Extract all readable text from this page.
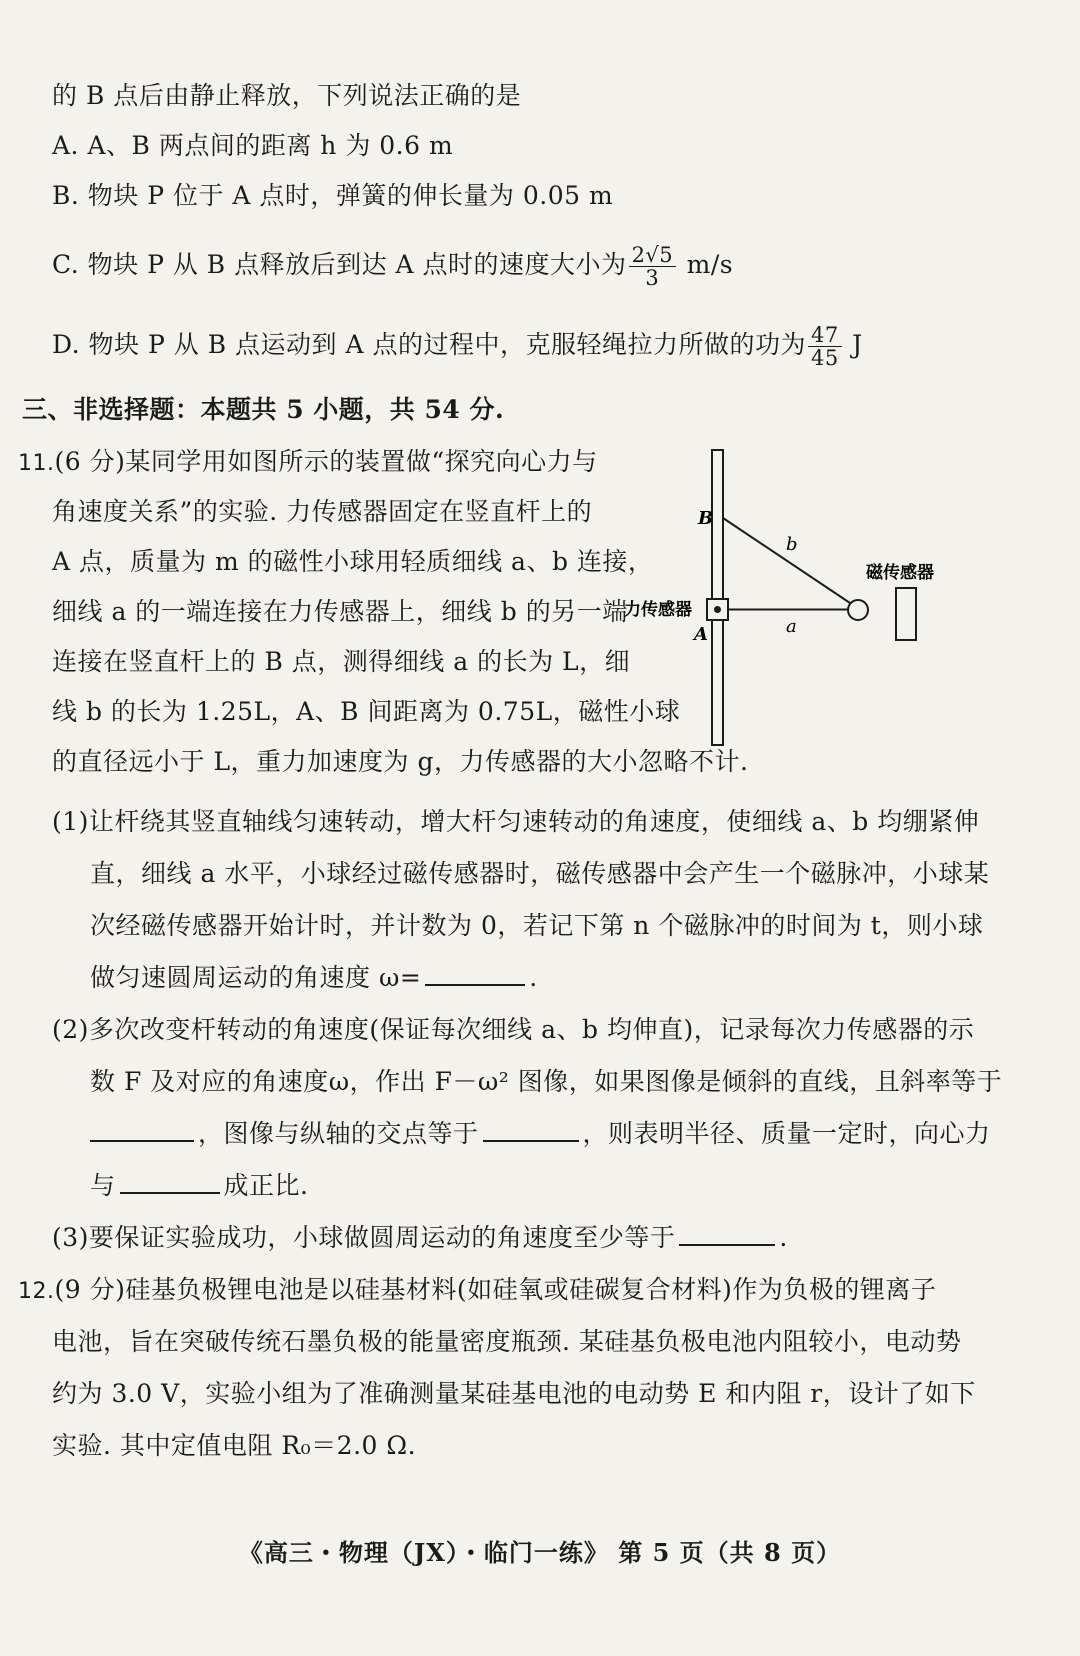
的 B 点后由静止释放，下列说法正确的是
A. A、B 两点间的距离 h 为 0.6 m
B. 物块 P 位于 A 点时，弹簧的伸长量为 0.05 m
C. 物块 P 从 B 点释放后到达 A 点时的速度大小为 $\frac{2√5}{3} m/s$
D. 物块 P 从 B 点运动到 A 点的过程中，克服轻绳拉力所做的功为 $\frac{47}{45}$ J
三、非选择题：本题共 5 小题，共 54 分.
11.(6 分)某同学用如图所示的装置做“探究向心力与
角速度关系”的实验. 力传感器固定在竖直杆上的
A 点，质量为 m 的磁性小球用轻质细线 a、b 连接，
细线 a 的一端连接在力传感器上，细线 b 的另一端
连接在竖直杆上的 B 点，测得细线 a 的长为 L，细
线 b 的长为 1.25L，A、B 间距离为 0.75L，磁性小球
的直径远小于 L，重力加速度为 g，力传感器的大小忽略不计.
B
A
b
a
力传感器
磁传感器
(1)让杆绕其竖直轴线匀速转动，增大杆匀速转动的角速度，使细线 a、b 均绷紧伸
直，细线 a 水平，小球经过磁传感器时，磁传感器中会产生一个磁脉冲，小球某
次经磁传感器开始计时，并计数为 0，若记下第 n 个磁脉冲的时间为 t，则小球
做匀速圆周运动的角速度 ω=	.
(2)多次改变杆转动的角速度(保证每次细线 a、b 均伸直)，记录每次力传感器的示
数 F 及对应的角速度ω，作出 F－ω² 图像，如果图像是倾斜的直线，且斜率等于
，图像与纵轴的交点等于	，则表明半径、质量一定时，向心力
与	成正比.
(3)要保证实验成功，小球做圆周运动的角速度至少等于	.
12.(9 分)硅基负极锂电池是以硅基材料(如硅氧或硅碳复合材料)作为负极的锂离子
电池，旨在突破传统石墨负极的能量密度瓶颈. 某硅基负极电池内阻较小，电动势
约为 3.0 V，实验小组为了准确测量某硅基电池的电动势 E 和内阻 r，设计了如下
实验. 其中定值电阻 R₀＝2.0 Ω.
《高三・物理（JX）・临门一练》 第 5 页（共 8 页）
